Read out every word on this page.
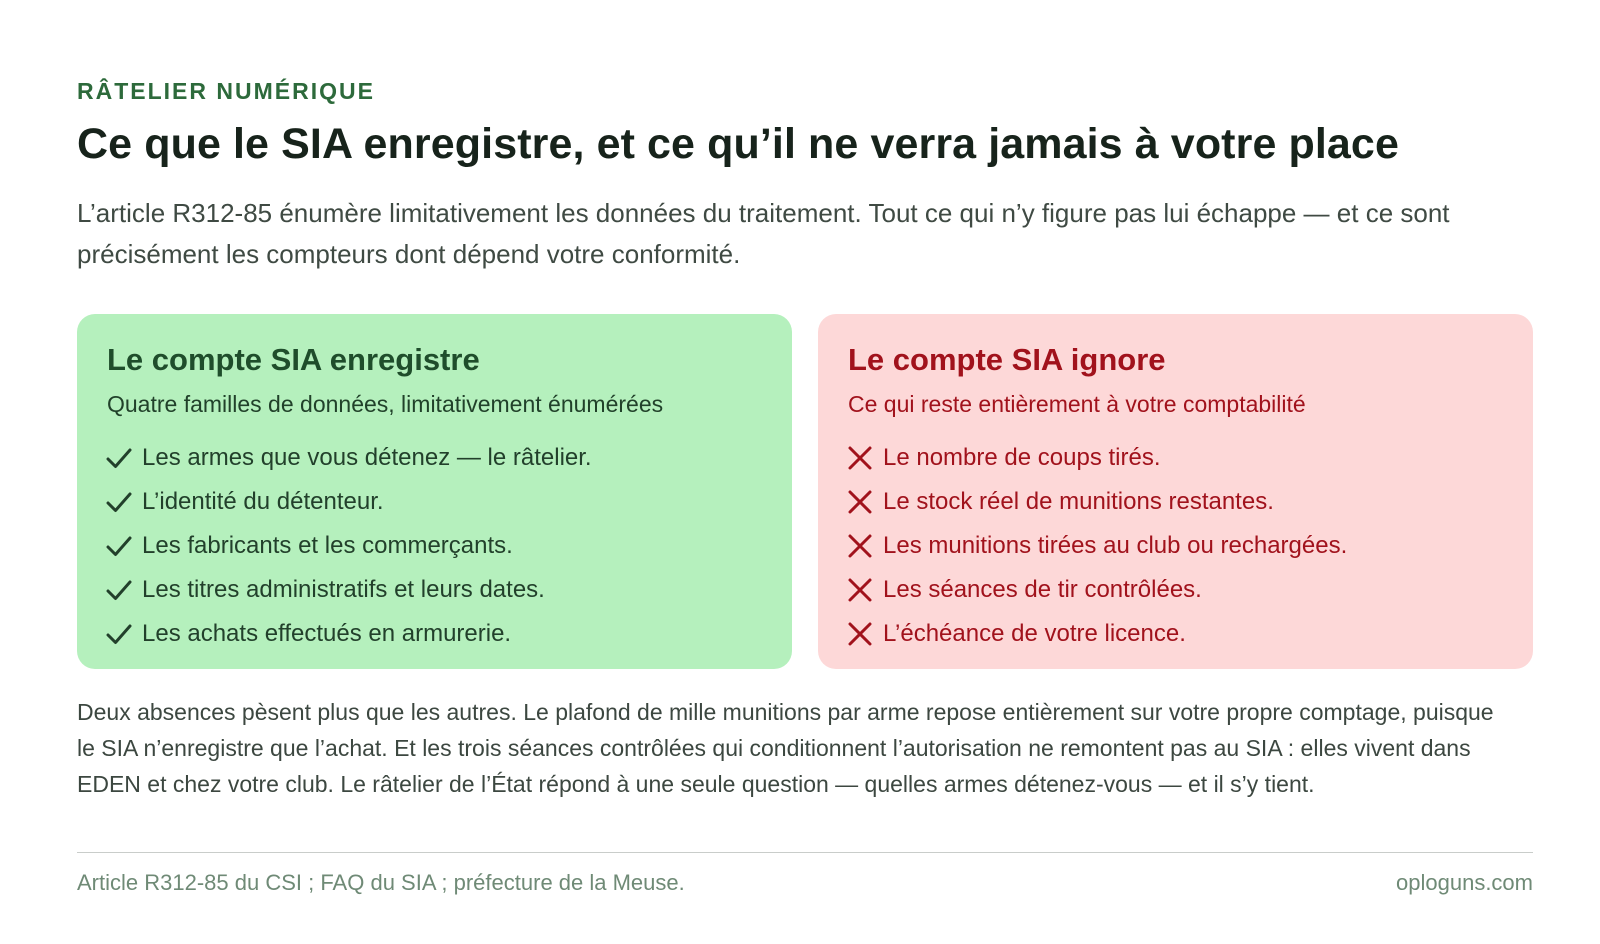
RÂTELIER NUMÉRIQUE

Ce que le SIA enregistre, et ce qu’il ne verra jamais à votre place

L’article R312-85 énumère limitativement les données du traitement. Tout ce qui n’y figure pas lui échappe — et ce sont précisément les compteurs dont dépend votre conformité.

Le compte SIA enregistre

Quatre familles de données, limitativement énumérées

Les armes que vous détenez — le râtelier.
L’identité du détenteur.
Les fabricants et les commerçants.
Les titres administratifs et leurs dates.
Les achats effectués en armurerie.
Le compte SIA ignore

Ce qui reste entièrement à votre comptabilité

Le nombre de coups tirés.
Le stock réel de munitions restantes.
Les munitions tirées au club ou rechargées.
Les séances de tir contrôlées.
L’échéance de votre licence.

Deux absences pèsent plus que les autres. Le plafond de mille munitions par arme repose entièrement sur votre propre comptage, puisque le SIA n’enregistre que l’achat. Et les trois séances contrôlées qui conditionnent l’autorisation ne remontent pas au SIA : elles vivent dans EDEN et chez votre club. Le râtelier de l’État répond à une seule question — quelles armes détenez-vous — et il s’y tient.

Article R312-85 du CSI ; FAQ du SIA ; préfecture de la Meuse.	oploguns.com
